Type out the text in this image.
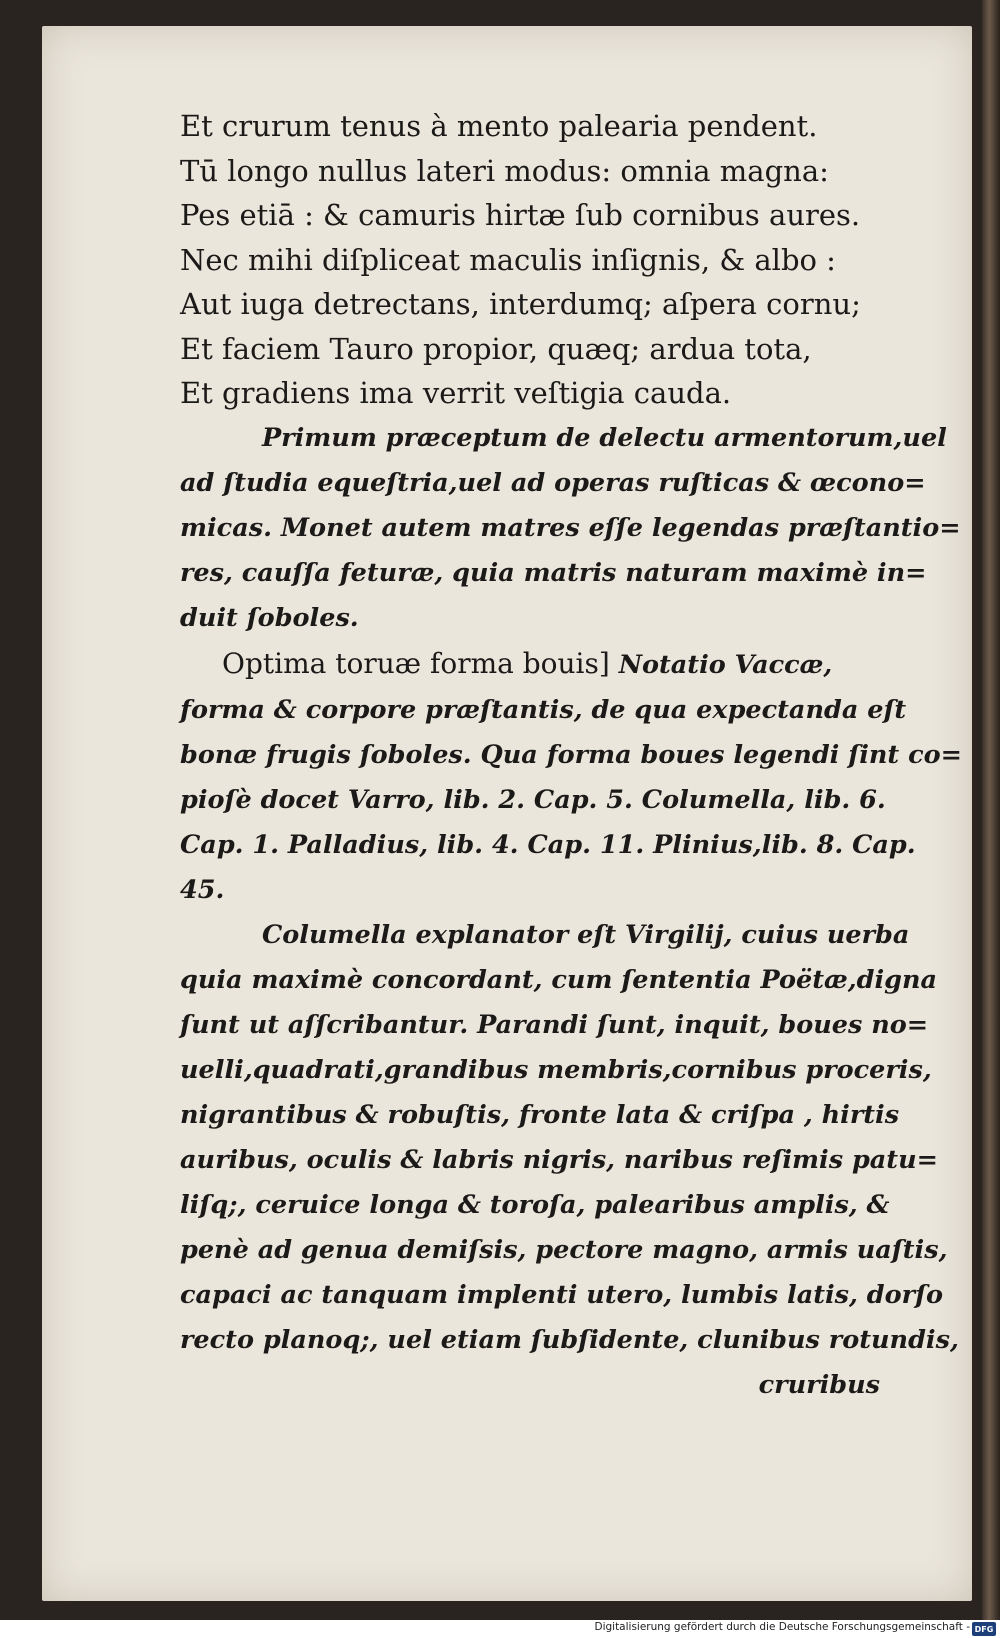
Et crurum tenus à mento palearia pendent.
Tū longo nullus lateri modus: omnia magna:
Pes etiā : & camuris hirtæ ſub cornibus aures.
Nec mihi diſpliceat maculis inſignis, & albo :
Aut iuga detrectans, interdumq; aſpera cornu;
Et faciem Tauro propior, quæq; ardua tota,
Et gradiens ima verrit veſtigia cauda.

Primum præceptum de delectu armentorum,uel
ad ſtudia equeſtria,uel ad operas ruſticas & œcono=
micas. Monet autem matres eſſe legendas præſtantio=
res, cauſſa feturæ, quia matris naturam maximè in=
duit ſoboles.

Optima toruæ forma bouis] Notatio Vaccæ,
forma & corpore præſtantis, de qua expectanda eſt
bonæ frugis ſoboles. Qua forma boues legendi ſint co=
pioſè docet Varro, lib. 2. Cap. 5. Columella, lib. 6.
Cap. 1. Palladius, lib. 4. Cap. 11. Plinius,lib. 8. Cap.
45.

Columella explanator eſt Virgilij, cuius uerba
quia maximè concordant, cum ſententia Poëtæ,digna
ſunt ut aſſcribantur. Parandi ſunt, inquit, boues no=
uelli,quadrati,grandibus membris,cornibus proceris,
nigrantibus & robuſtis, fronte lata & criſpa , hirtis
auribus, oculis & labris nigris, naribus reſimis patu=
liſq;, ceruice longa & toroſa, palearibus amplis, &
penè ad genua demiſsis, pectore magno, armis uaſtis,
capaci ac tanquam implenti utero, lumbis latis, dorſo
recto planoq;, uel etiam ſubſidente, clunibus rotundis,
cruribus

Digitalisierung gefördert durch die Deutsche Forschungsgemeinschaft - DFG
